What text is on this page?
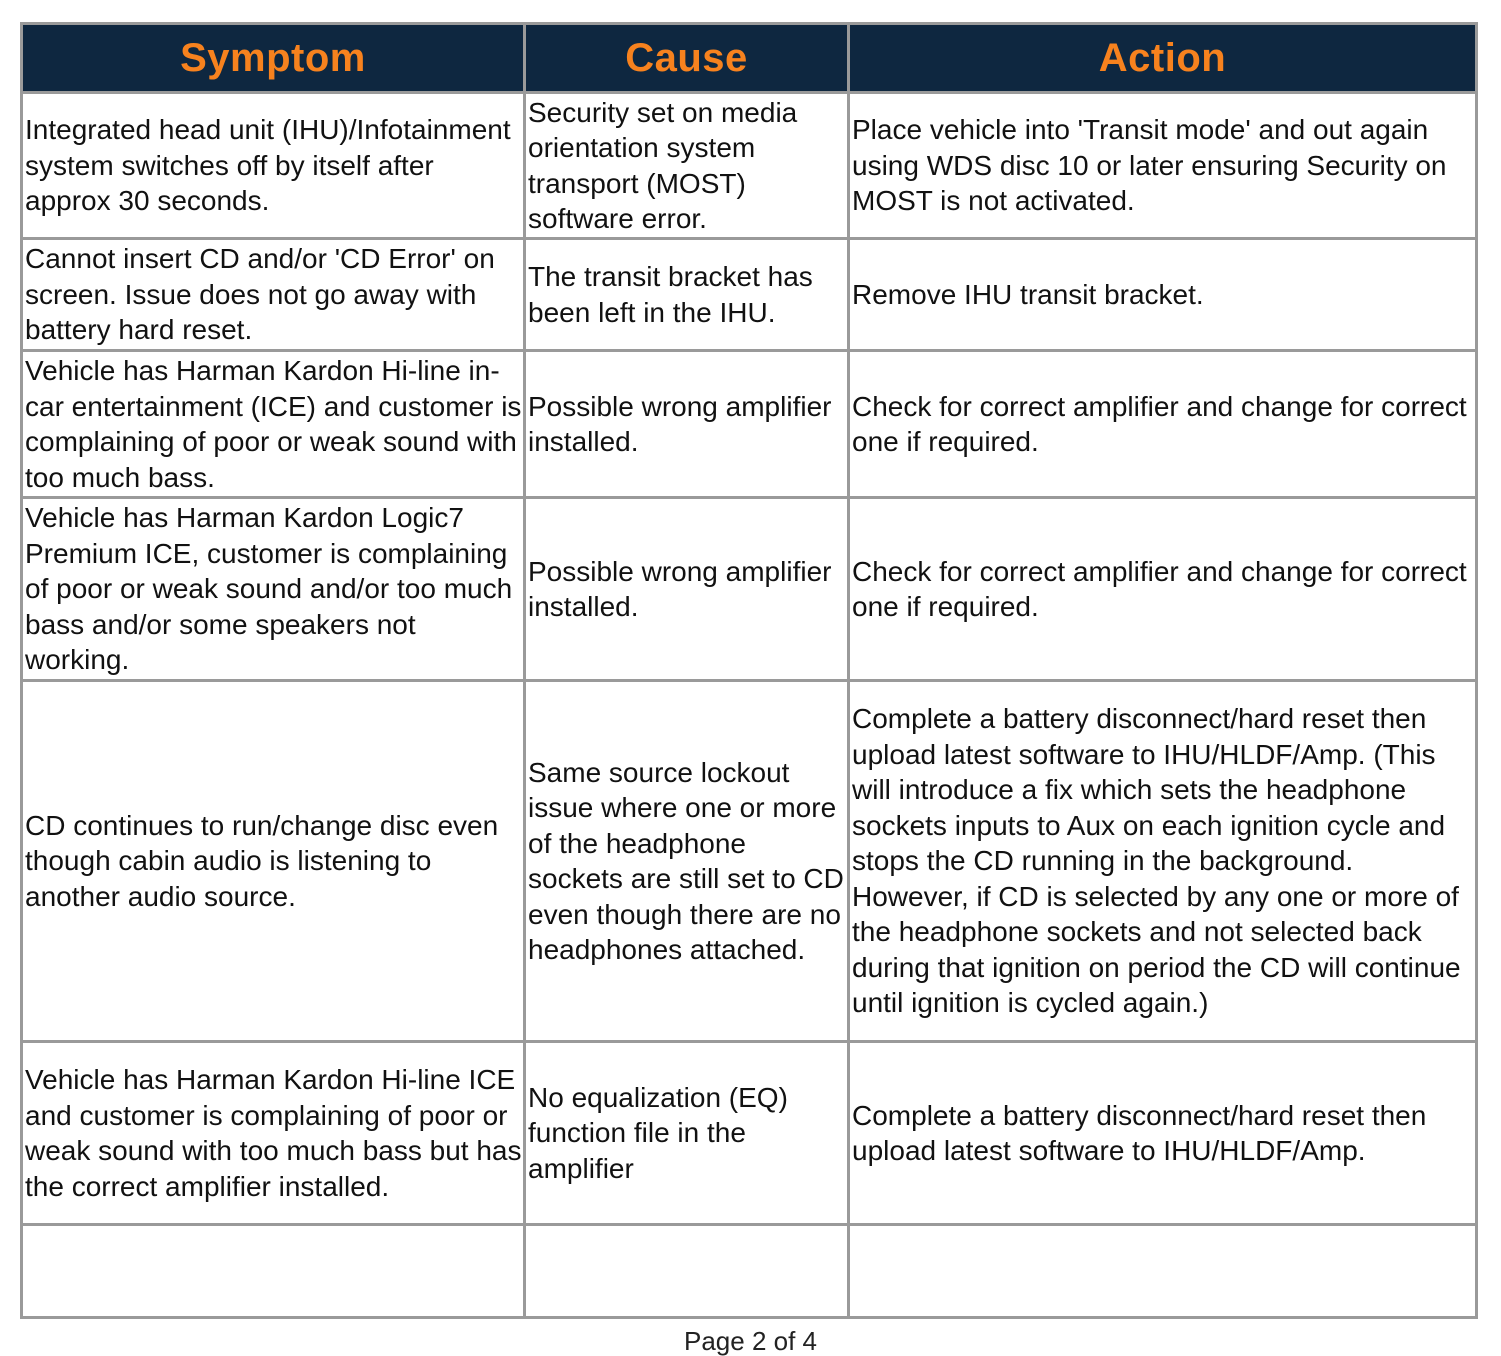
Symptom	Cause	Action
Integrated head unit (IHU)/Infotainment system switches off by itself after approx 30 seconds.	Security set on media orientation system transport (MOST) software error.	Place vehicle into 'Transit mode' and out again using WDS disc 10 or later ensuring Security on MOST is not activated.
Cannot insert CD and/or 'CD Error' on screen. Issue does not go away with battery hard reset.	The transit bracket has been left in the IHU.	Remove IHU transit bracket.
Vehicle has Harman Kardon Hi-line in-car entertainment (ICE) and customer is complaining of poor or weak sound with too much bass.	Possible wrong amplifier installed.	Check for correct amplifier and change for correct one if required.
Vehicle has Harman Kardon Logic7 Premium ICE, customer is complaining of poor or weak sound and/or too much bass and/or some speakers not working.	Possible wrong amplifier installed.	Check for correct amplifier and change for correct one if required.
CD continues to run/change disc even though cabin audio is listening to another audio source.	Same source lockout issue where one or more of the headphone sockets are still set to CD even though there are no headphones attached.	Complete a battery disconnect/hard reset then upload latest software to IHU/HLDF/Amp. (This will introduce a fix which sets the headphone sockets inputs to Aux on each ignition cycle and stops the CD running in the background. However, if CD is selected by any one or more of the headphone sockets and not selected back during that ignition on period the CD will continue until ignition is cycled again.)
Vehicle has Harman Kardon Hi-line ICE and customer is complaining of poor or weak sound with too much bass but has the correct amplifier installed.	No equalization (EQ) function file in the amplifier	Complete a battery disconnect/hard reset then upload latest software to IHU/HLDF/Amp.

Page 2 of 4
